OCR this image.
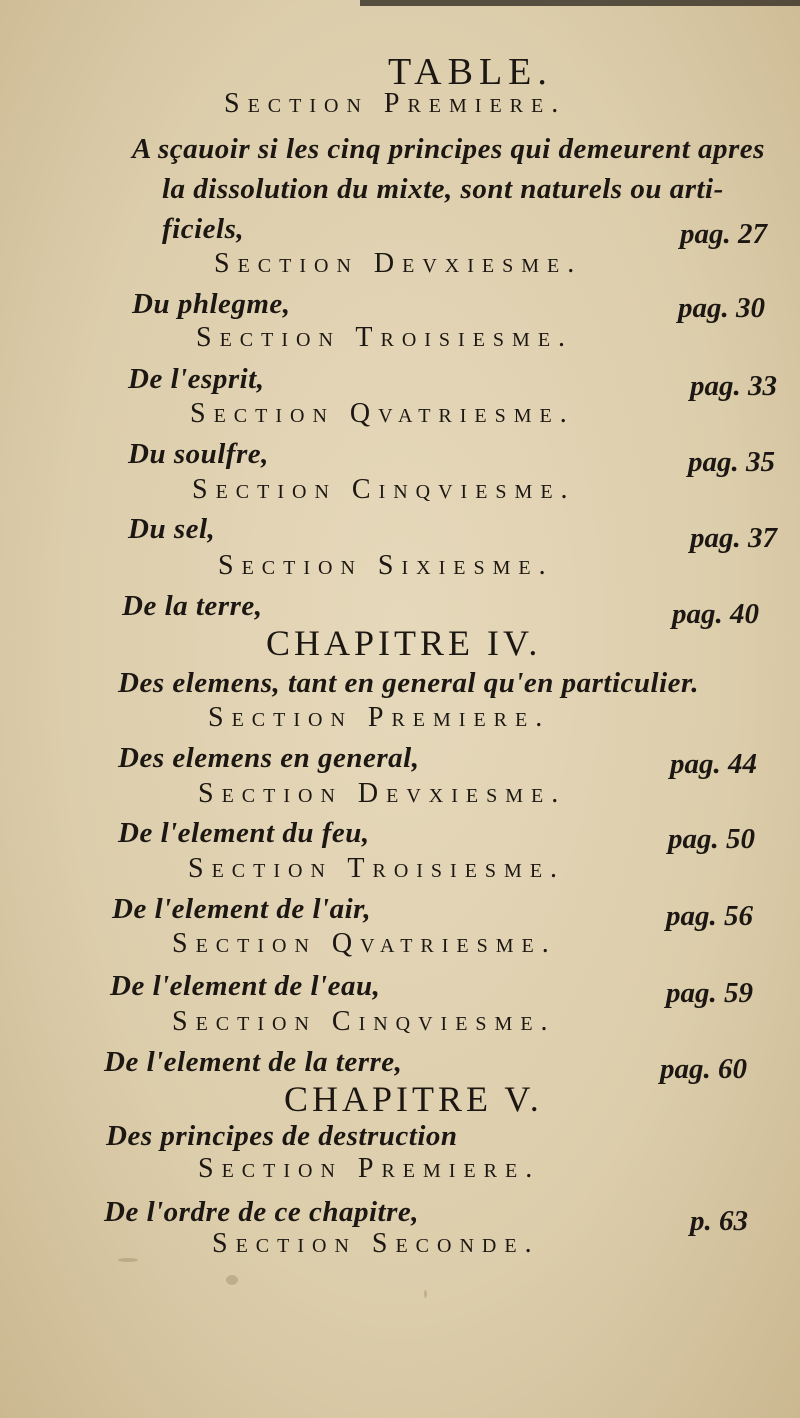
TABLE.
Section Premiere.
A sçauoir si les cinq principes qui demeurent apres
la dissolution du mixte, sont naturels ou arti-
ficiels,	pag. 27
Section Devxiesme.
Du phlegme,	pag. 30
Section Troisiesme.
De l'esprit,	pag. 33
Section Qvatriesme.
Du soulfre,	pag. 35
Section Cinqviesme.
Du sel,	pag. 37
Section Sixiesme.
De la terre,	pag. 40
CHAPITRE IV.
Des elemens, tant en general qu'en particulier.
Section Premiere.
Des elemens en general,	pag. 44
Section Devxiesme.
De l'element du feu,	pag. 50
Section Troisiesme.
De l'element de l'air,	pag. 56
Section Qvatriesme.
De l'element de l'eau,	pag. 59
Section Cinqviesme.
De l'element de la terre,	pag. 60
CHAPITRE V.
Des principes de destruction
Section Premiere.
De l'ordre de ce chapitre,	p. 63
Section Seconde.
